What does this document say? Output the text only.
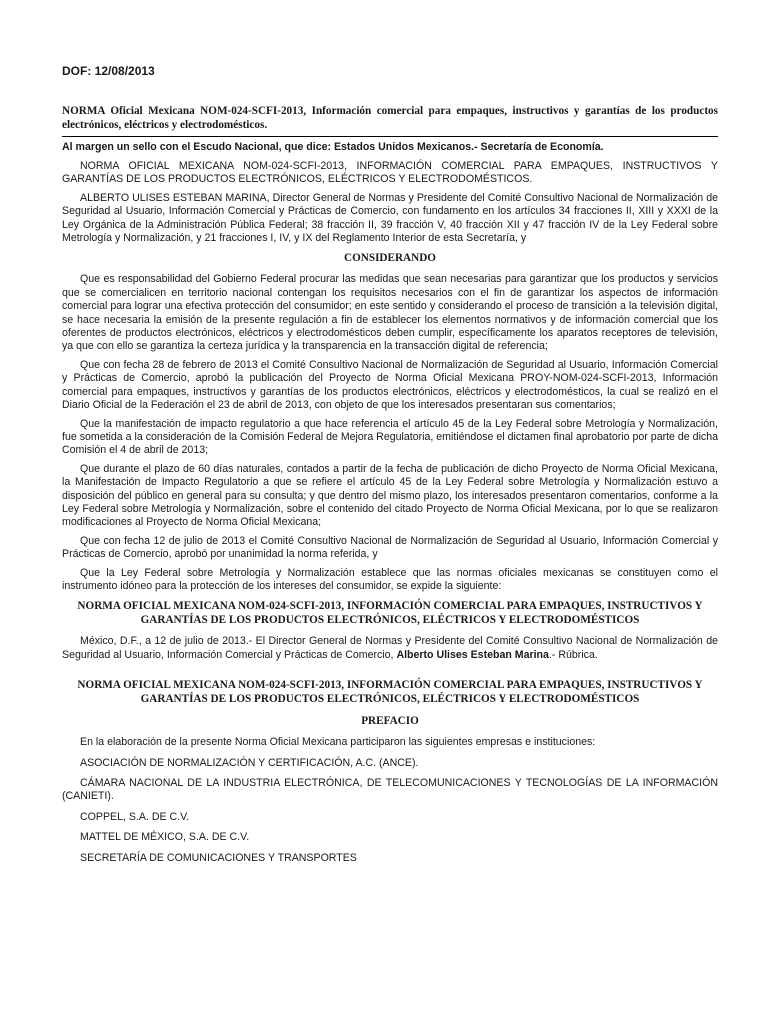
DOF: 12/08/2013
NORMA Oficial Mexicana NOM-024-SCFI-2013, Información comercial para empaques, instructivos y garantías de los productos electrónicos, eléctricos y electrodomésticos.
Al margen un sello con el Escudo Nacional, que dice: Estados Unidos Mexicanos.- Secretaría de Economía.

NORMA OFICIAL MEXICANA NOM-024-SCFI-2013, INFORMACIÓN COMERCIAL PARA EMPAQUES, INSTRUCTIVOS Y GARANTÍAS DE LOS PRODUCTOS ELECTRÓNICOS, ELÉCTRICOS Y ELECTRODOMÉSTICOS.

ALBERTO ULISES ESTEBAN MARINA, Director General de Normas y Presidente del Comité Consultivo Nacional de Normalización de Seguridad al Usuario, Información Comercial y Prácticas de Comercio, con fundamento en los artículos 34 fracciones II, XIII y XXXI de la Ley Orgánica de la Administración Pública Federal; 38 fracción II, 39 fracción V, 40 fracción XII y 47 fracción IV de la Ley Federal sobre Metrología y Normalización, y 21 fracciones I, IV, y IX del Reglamento Interior de esta Secretaría, y

CONSIDERANDO

Que es responsabilidad del Gobierno Federal procurar las medidas que sean necesarias para garantizar que los productos y servicios que se comercialicen en territorio nacional contengan los requisitos necesarios con el fin de garantizar los aspectos de información comercial para lograr una efectiva protección del consumidor; en este sentido y considerando el proceso de transición a la televisión digital, se hace necesaria la emisión de la presente regulación a fin de establecer los elementos normativos y de información comercial que los oferentes de productos electrónicos, eléctricos y electrodomésticos deben cumplir, específicamente los aparatos receptores de televisión, ya que con ello se garantiza la certeza jurídica y la transparencia en la transacción digital de referencia;

Que con fecha 28 de febrero de 2013 el Comité Consultivo Nacional de Normalización de Seguridad al Usuario, Información Comercial y Prácticas de Comercio, aprobó la publicación del Proyecto de Norma Oficial Mexicana PROY-NOM-024-SCFI-2013, Información comercial para empaques, instructivos y garantías de los productos electrónicos, eléctricos y electrodomésticos, la cual se realizó en el Diario Oficial de la Federación el 23 de abril de 2013, con objeto de que los interesados presentaran sus comentarios;

Que la manifestación de impacto regulatorio a que hace referencia el artículo 45 de la Ley Federal sobre Metrología y Normalización, fue sometida a la consideración de la Comisión Federal de Mejora Regulatoria, emitiéndose el dictamen final aprobatorio por parte de dicha Comisión el 4 de abril de 2013;

Que durante el plazo de 60 días naturales, contados a partir de la fecha de publicación de dicho Proyecto de Norma Oficial Mexicana, la Manifestación de Impacto Regulatorio a que se refiere el artículo 45 de la Ley Federal sobre Metrología y Normalización estuvo a disposición del público en general para su consulta; y que dentro del mismo plazo, los interesados presentaron comentarios, conforme a la Ley Federal sobre Metrología y Normalización, sobre el contenido del citado Proyecto de Norma Oficial Mexicana, por lo que se realizaron modificaciones al Proyecto de Norma Oficial Mexicana;

Que con fecha 12 de julio de 2013 el Comité Consultivo Nacional de Normalización de Seguridad al Usuario, Información Comercial y Prácticas de Comercio, aprobó por unanimidad la norma referida, y

Que la Ley Federal sobre Metrología y Normalización establece que las normas oficiales mexicanas se constituyen como el instrumento idóneo para la protección de los intereses del consumidor, se expide la siguiente:

NORMA OFICIAL MEXICANA NOM-024-SCFI-2013, INFORMACIÓN COMERCIAL PARA EMPAQUES, INSTRUCTIVOS Y GARANTÍAS DE LOS PRODUCTOS ELECTRÓNICOS, ELÉCTRICOS Y ELECTRODOMÉSTICOS

México, D.F., a 12 de julio de 2013.- El Director General de Normas y Presidente del Comité Consultivo Nacional de Normalización de Seguridad al Usuario, Información Comercial y Prácticas de Comercio, Alberto Ulises Esteban Marina.- Rúbrica.

NORMA OFICIAL MEXICANA NOM-024-SCFI-2013, INFORMACIÓN COMERCIAL PARA EMPAQUES, INSTRUCTIVOS Y GARANTÍAS DE LOS PRODUCTOS ELECTRÓNICOS, ELÉCTRICOS Y ELECTRODOMÉSTICOS
PREFACIO

En la elaboración de la presente Norma Oficial Mexicana participaron las siguientes empresas e instituciones:

ASOCIACIÓN DE NORMALIZACIÓN Y CERTIFICACIÓN, A.C. (ANCE).

CÁMARA NACIONAL DE LA INDUSTRIA ELECTRÓNICA, DE TELECOMUNICACIONES Y TECNOLOGÍAS DE LA INFORMACIÓN (CANIETI).

COPPEL, S.A. DE C.V.

MATTEL DE MÉXICO, S.A. DE C.V.

SECRETARÍA DE COMUNICACIONES Y TRANSPORTES
